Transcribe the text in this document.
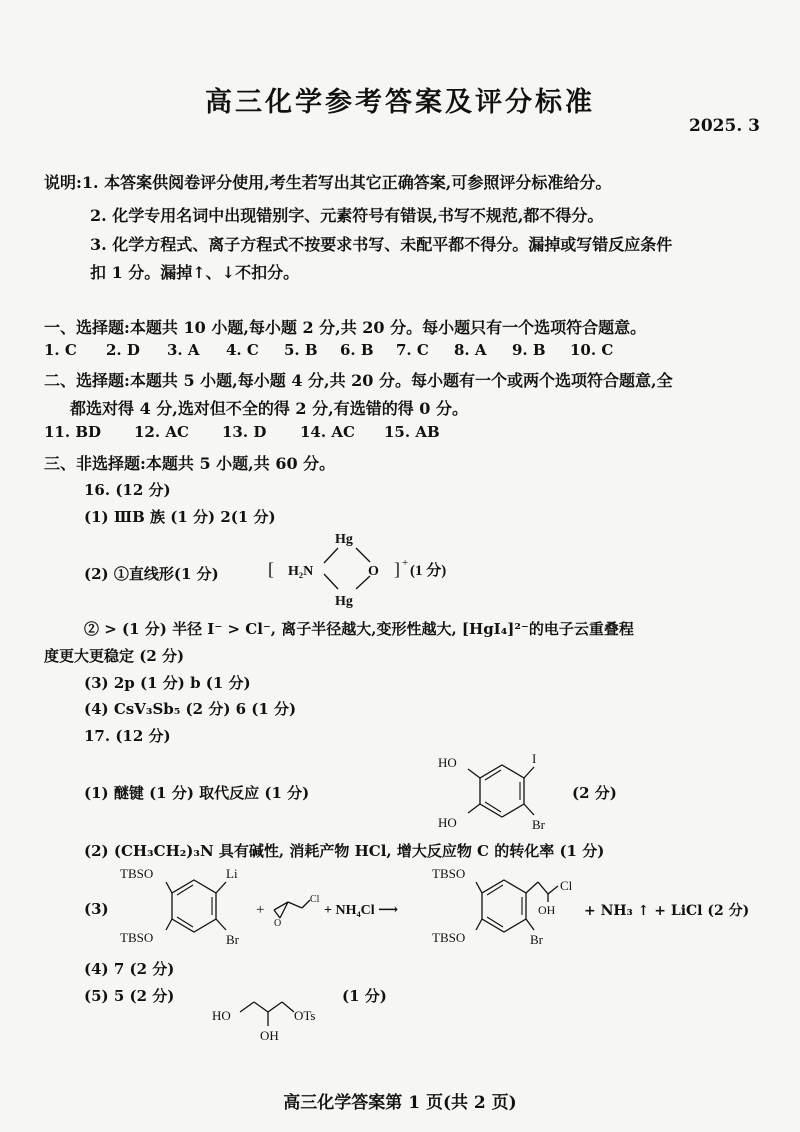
高三化学参考答案及评分标准
2025. 3
说明:1. 本答案供阅卷评分使用,考生若写出其它正确答案,可参照评分标准给分。
2. 化学专用名词中出现错别字、元素符号有错误,书写不规范,都不得分。
3. 化学方程式、离子方程式不按要求书写、未配平都不得分。漏掉或写错反应条件
扣 1 分。漏掉↑、↓不扣分。
一、选择题:本题共 10 小题,每小题 2 分,共 20 分。每小题只有一个选项符合题意。
1. C 2. D 3. A 4. C 5. B 6. B 7. C 8. A 9. B 10. C
二、选择题:本题共 5 小题,每小题 4 分,共 20 分。每小题有一个或两个选项符合题意,全
都选对得 4 分,选对但不全的得 2 分,有选错的得 0 分。
11. BD 12. AC 13. D 14. AC 15. AB
三、非选择题:本题共 5 小题,共 60 分。
16. (12 分)
(1) ⅢB 族 (1 分) 2(1 分)
(2) ①直线形(1 分)	[ H₂N
Hg
Hg
O ] + (1 分)
② > (1 分) 半径 I⁻ > Cl⁻, 离子半径越大,变形性越大, [HgI₄]²⁻的电子云重叠程
度更大更稳定 (2 分)
(3) 2p (1 分) b (1 分)
(4) CsV₃Sb₅ (2 分) 6 (1 分)
17. (12 分)
(1) 醚键 (1 分) 取代反应 (1 分)
HO
HO
I
Br
(2 分)
(2) (CH₃CH₂)₃N 具有碱性, 消耗产物 HCl, 增大反应物 C 的转化率 (1 分)
(3)
TBSO
TBSO
Li
Br
+
O
Cl
+ NH₄Cl ⟶
TBSO
TBSO
OH
Cl
Br
+ NH₃ ↑ + LiCl (2 分)
(4) 7 (2 分)
(5) 5 (2 分)
HO
OH
OTs
(1 分)
高三化学答案第 1 页(共 2 页)
